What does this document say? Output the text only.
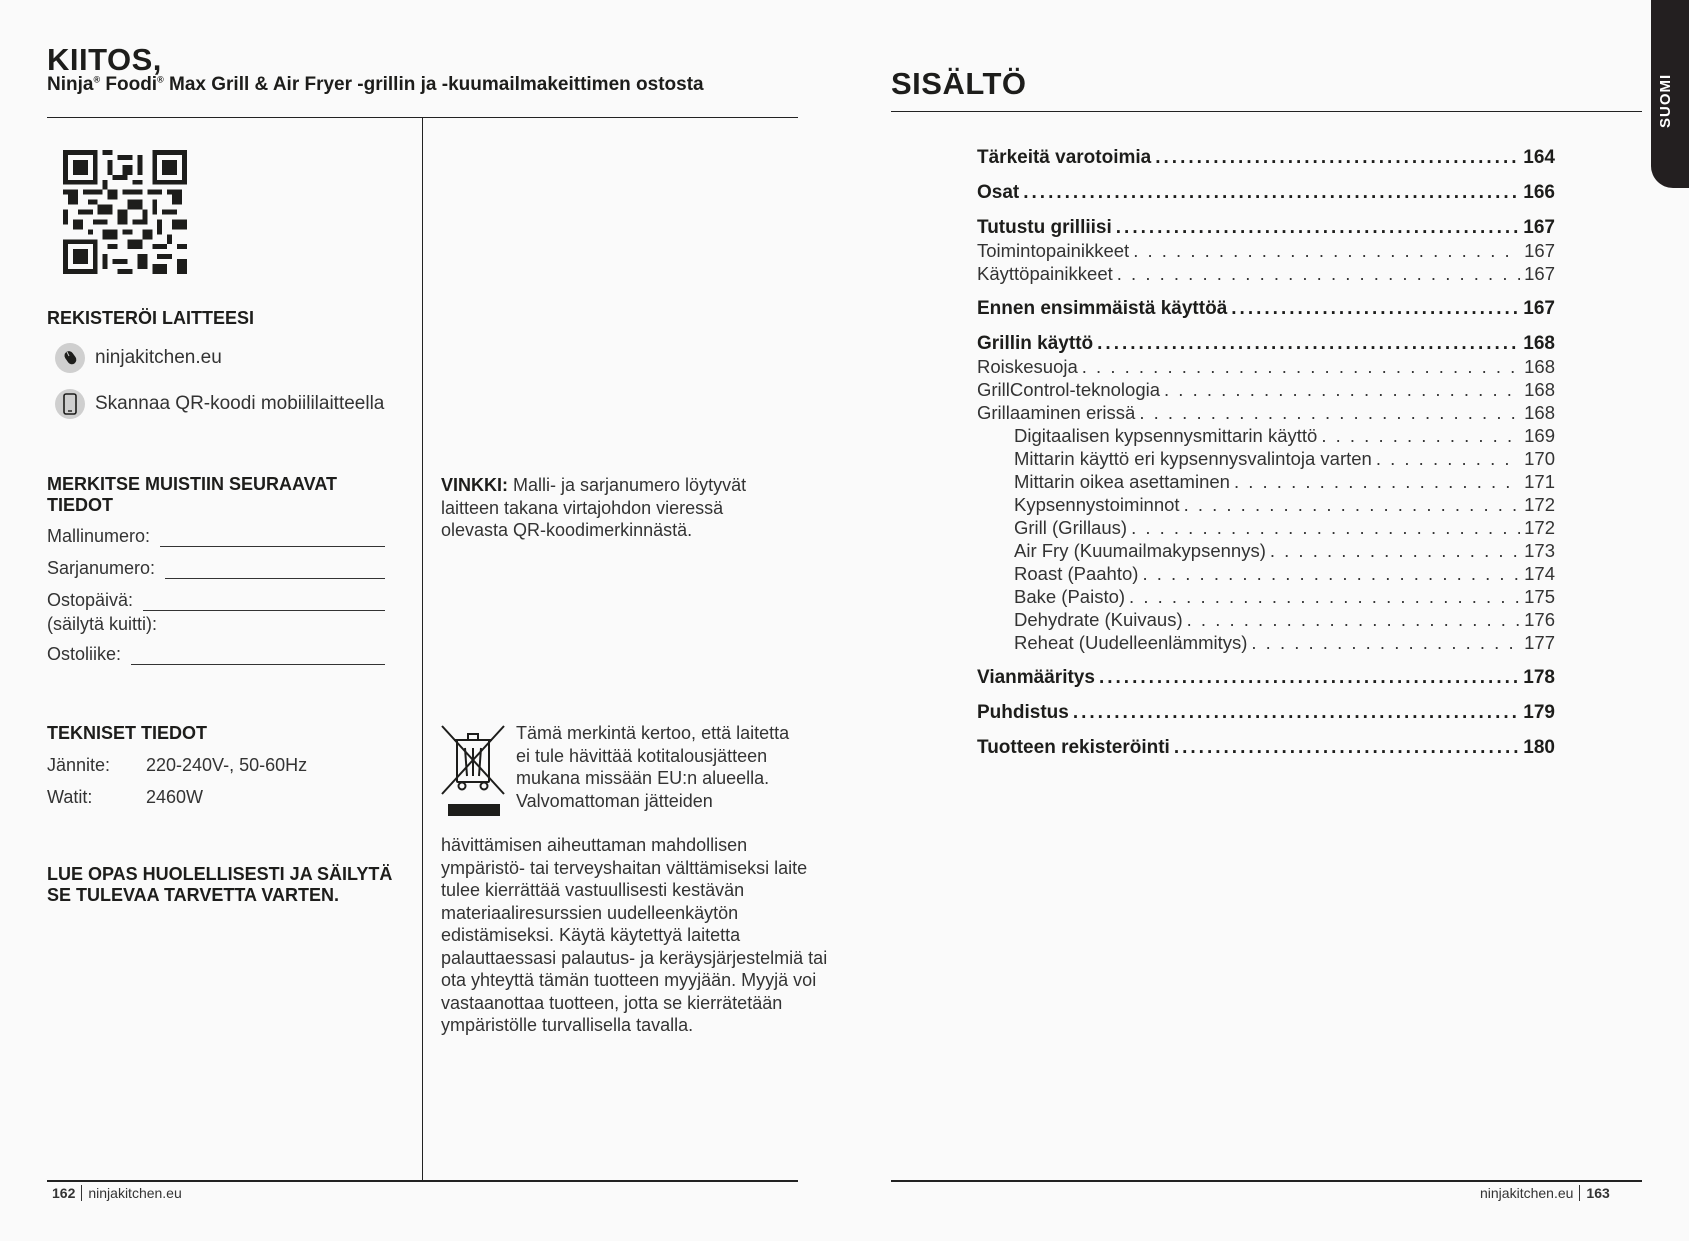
KIITOS,

Ninja® Foodi® Max Grill & Air Fryer -grillin ja -kuumailmakeittimen ostosta

REKISTERÖI LAITTEESI
ninjakitchen.eu
Skannaa QR-koodi mobiililaitteella
MERKITSE MUISTIIN SEURAAVAT TIEDOT
Mallinumero:
Sarjanumero:
Ostopäivä:
(säilytä kuitti):
Ostoliike:
TEKNISET TIEDOT
Jännite: 220-240V-, 50-60Hz
Watit:	2460W
LUE OPAS HUOLELLISESTI JA SÄILYTÄ SE TULEVAA TARVETTA VARTEN.

VINKKI: Malli- ja sarjanumero löytyvät laitteen takana virtajohdon vieressä olevasta QR-koodimerkinnästä.

Tämä merkintä kertoo, että laitetta ei tule hävittää kotitalousjätteen mukana missään EU:n alueella. Valvomattoman jätteiden

hävittämisen aiheuttaman mahdollisen ympäristö- tai terveyshaitan välttämiseksi laite tulee kierrättää vastuullisesti kestävän materiaaliresurssien uudelleenkäytön edistämiseksi. Käytä käytettyä laitetta palauttaessasi palautus- ja keräysjärjestelmiä tai ota yhteyttä tämän tuotteen myyjään. Myyjä voi vastaanottaa tuotteen, jotta se kierrätetään ympäristölle turvallisella tavalla.

162 ninjakitchen.eu
SUOMI
SISÄLTÖ
Tärkeitä varotoimia .....	164
Osat .....	166
Tutustu grilliisi .....	167
Toimintopainikkeet . . .	167
Käyttöpainikkeet . . .	167
Ennen ensimmäistä käyttöä .....	167
Grillin käyttö .....	168
Roiskesuoja . . .	168
GrillControl-teknologia . . .	168
Grillaaminen erissä . . .	168
Digitaalisen kypsennysmittarin käyttö . . .	169
Mittarin käyttö eri kypsennysvalintoja varten . . .	170
Mittarin oikea asettaminen . . .	171
Kypsennystoiminnot . . .	172
Grill (Grillaus) . . .	172
Air Fry (Kuumailmakypsennys) . . .	173
Roast (Paahto) . . .	174
Bake (Paisto) . . .	175
Dehydrate (Kuivaus) . . .	176
Reheat (Uudelleenlämmitys) . . .	177
Vianmääritys .....	178
Puhdistus .....	179
Tuotteen rekisteröinti .....	180
ninjakitchen.eu 163
